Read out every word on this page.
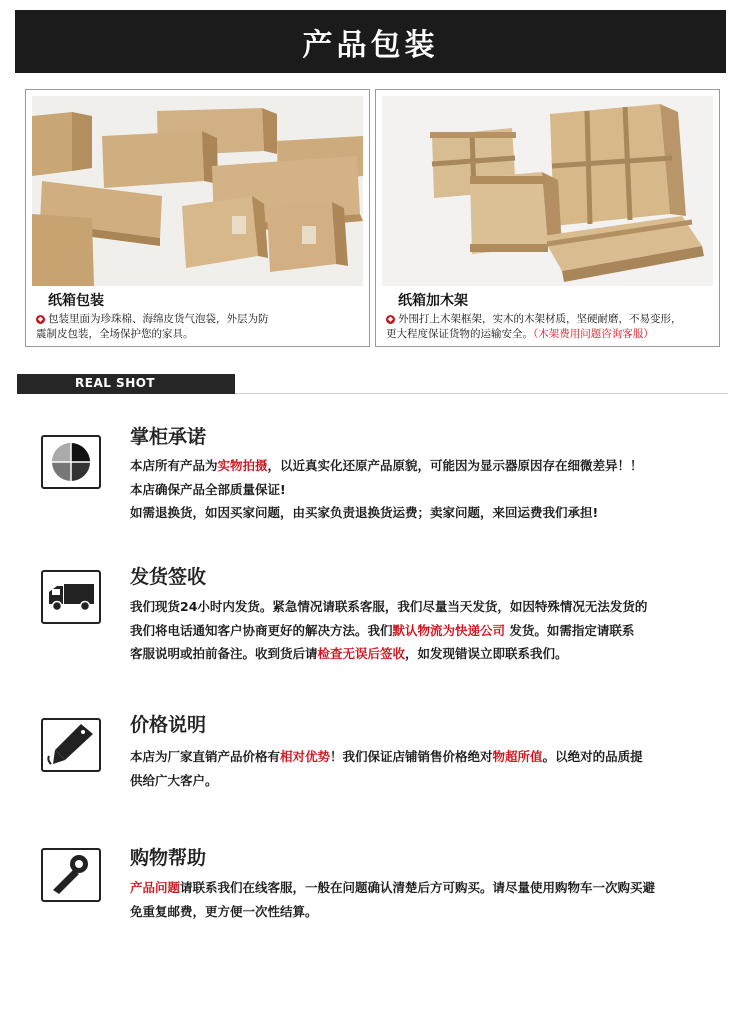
产品包装
纸箱包装
◆ 包装里面为珍珠棉、海绵皮货气泡袋，外层为防
震制皮包装，全场保护您的家具。
纸箱加木架
◆ 外围打上木架框架，实木的木架材质，坚硬耐磨，不易变形，
更大程度保证货物的运输安全。（木架费用问题咨询客服）
REAL SHOT
掌柜承诺
本店所有产品为实物拍摄，以近真实化还原产品原貌，可能因为显示器原因存在细微差异！！
本店确保产品全部质量保证!
如需退换货，如因买家问题，由买家负责退换货运费；卖家问题，来回运费我们承担!
发货签收
我们现货24小时内发货。紧急情况请联系客服，我们尽量当天发货，如因特殊情况无法发货的
我们将电话通知客户协商更好的解决方法。我们默认物流为快递公司 发货。如需指定请联系
客服说明或拍前备注。收到货后请检查无误后签收，如发现错误立即联系我们。
价格说明
本店为厂家直销产品价格有相对优势！我们保证店铺销售价格绝对物超所值。以绝对的品质提
供给广大客户。
购物帮助
产品问题请联系我们在线客服，一般在问题确认清楚后方可购买。请尽量使用购物车一次购买避
免重复邮费，更方便一次性结算。
